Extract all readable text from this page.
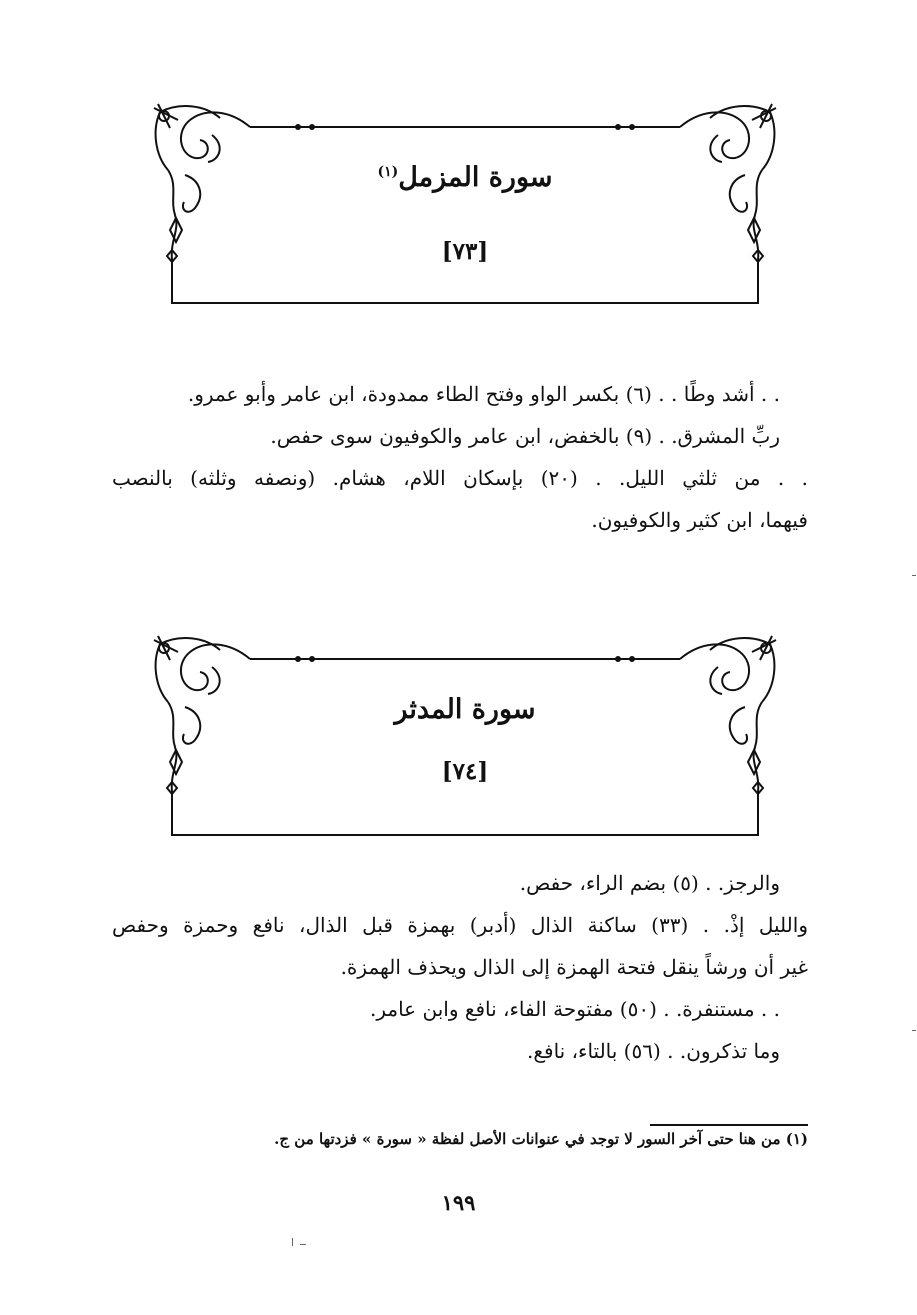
سورة المزمل$^{(١)}$
[٧٣]
. . أشد وطًا . . (٦) بكسر الواو وفتح الطاء ممدودة، ابن عامر وأبو عمرو.
ربِّ المشرق. . (٩) بالخفض، ابن عامر والكوفيون سوى حفص.
. . من ثلثي الليل. . (٢٠) بإسكان اللام، هشام. (ونصفه وثلثه) بالنصب
فيهما، ابن كثير والكوفيون.
سورة المدثر
[٧٤]
والرجز. . (٥) بضم الراء، حفص.
والليل إذْ. . (٣٣) ساكنة الذال (أدبر) بهمزة قبل الذال، نافع وحمزة وحفص
غير أن ورشاً ينقل فتحة الهمزة إلى الذال ويحذف الهمزة.
. . مستنفرة. . (٥٠) مفتوحة الفاء، نافع وابن عامر.
وما تذكرون. . (٥٦) بالتاء، نافع.
(١) من هنا حتى آخر السور لا توجد في عنوانات الأصل لفظة « سورة » فزدتها من ج.
١٩٩
